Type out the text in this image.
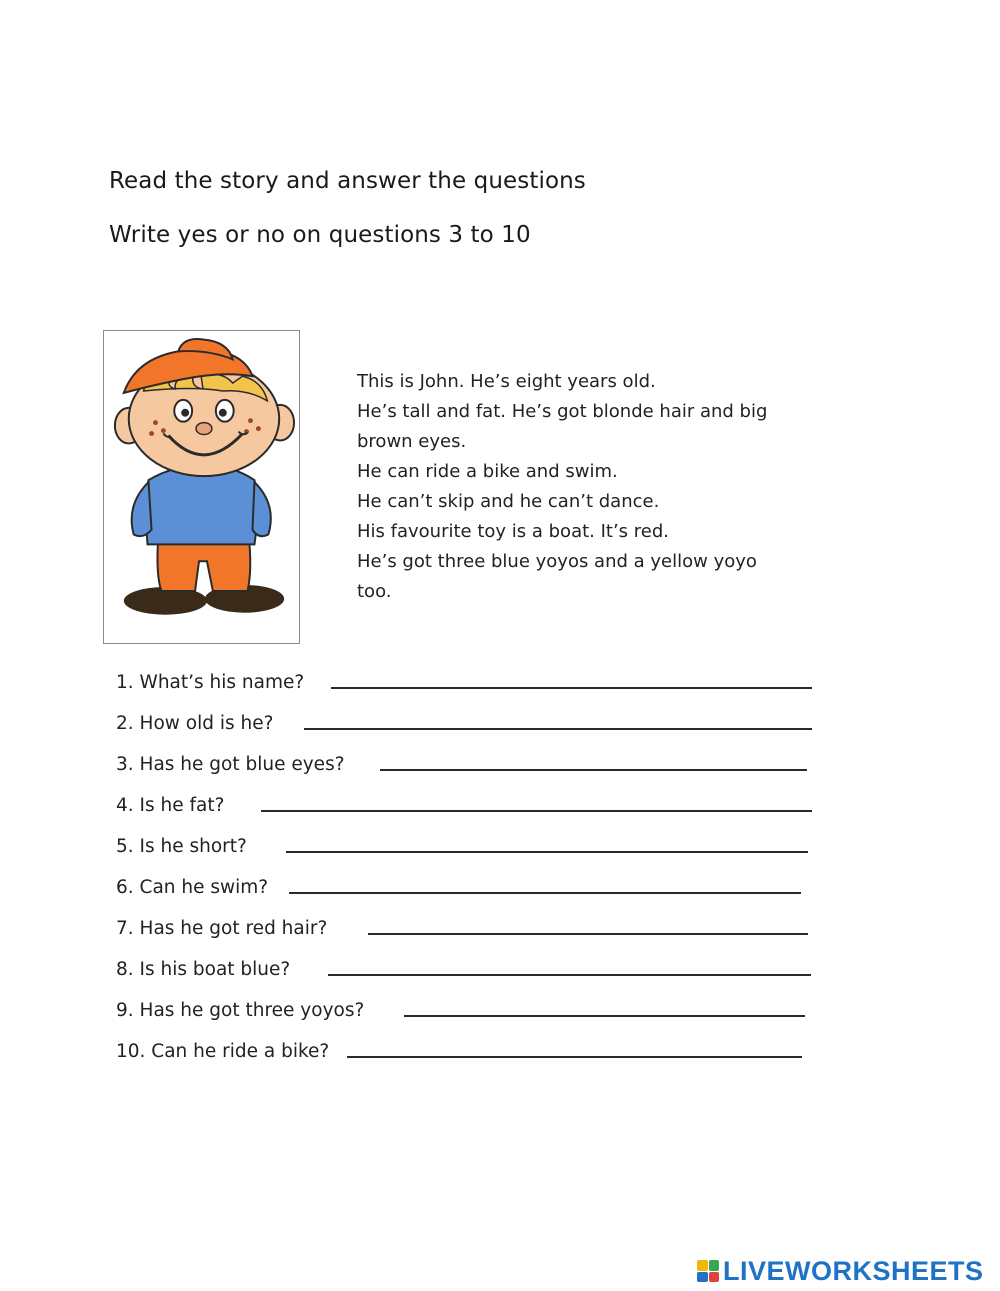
Read the story and answer the questions
Write yes or no on questions 3 to 10
This is John. He’s eight years old.
He’s tall and fat. He’s got blonde hair and big
brown eyes.
He can ride a bike and swim.
He can’t skip and he can’t dance.
His favourite toy is a boat. It’s red.
He’s got three blue yoyos and a yellow yoyo
too.
1. What’s his name?
2. How old is he?
3. Has he got blue eyes?
4. Is he fat?
5. Is he short?
6. Can he swim?
7. Has he got red hair?
8. Is his boat blue?
9. Has he got three yoyos?
10. Can he ride a bike?
LIVEWORKSHEETS
